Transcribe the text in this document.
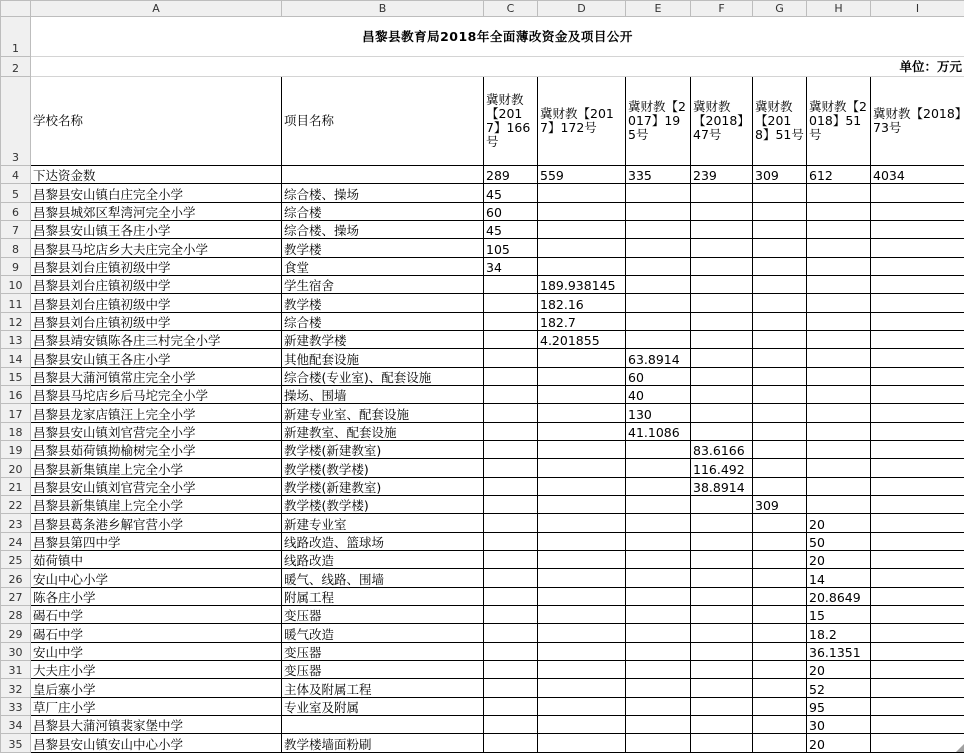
	A	B	C	D	E	F	G	H	I
1	昌黎县教育局2018年全面薄改资金及项目公开								
2	单位：万元								
3	学校名称	项目名称	冀财教【2017】166号	冀财教【2017】172号	冀财教【2017】195号	冀财教【2018】47号	冀财教【2018】51号	冀财教【2018】51号	冀财教【2018】73号
4	下达资金数		289	559	335	239	309	612	4034
5	昌黎县安山镇白庄完全小学	综合楼、操场	45						
6	昌黎县城郊区犁湾河完全小学	综合楼	60						
7	昌黎县安山镇王各庄小学	综合楼、操场	45						
8	昌黎县马坨店乡大夫庄完全小学	教学楼	105						
9	昌黎县刘台庄镇初级中学	食堂	34						
10	昌黎县刘台庄镇初级中学	学生宿舍		189.938145					
11	昌黎县刘台庄镇初级中学	教学楼		182.16					
12	昌黎县刘台庄镇初级中学	综合楼		182.7					
13	昌黎县靖安镇陈各庄三村完全小学	新建教学楼		4.201855					
14	昌黎县安山镇王各庄小学	其他配套设施			63.8914				
15	昌黎县大蒲河镇常庄完全小学	综合楼(专业室)、配套设施			60				
16	昌黎县马坨店乡后马坨完全小学	操场、围墙			40				
17	昌黎县龙家店镇汪上完全小学	新建专业室、配套设施			130				
18	昌黎县安山镇刘官营完全小学	新建教室、配套设施			41.1086				
19	昌黎县茹荷镇拗榆树完全小学	教学楼(新建教室)				83.6166			
20	昌黎县新集镇崖上完全小学	教学楼(教学楼)				116.492			
21	昌黎县安山镇刘官营完全小学	教学楼(新建教室)				38.8914			
22	昌黎县新集镇崖上完全小学	教学楼(教学楼)					309		
23	昌黎县葛条港乡解官营小学	新建专业室						20	
24	昌黎县第四中学	线路改造、篮球场						50	
25	茹荷镇中	线路改造						20	
26	安山中心小学	暖气、线路、围墙						14	
27	陈各庄小学	附属工程						20.8649	
28	碣石中学	变压器						15	
29	碣石中学	暖气改造						18.2	
30	安山中学	变压器						36.1351	
31	大夫庄小学	变压器						20	
32	皇后寨小学	主体及附属工程						52	
33	草厂庄小学	专业室及附属						95	
34	昌黎县大蒲河镇裴家堡中学							30	
35	昌黎县安山镇安山中心小学	教学楼墙面粉刷						20	
